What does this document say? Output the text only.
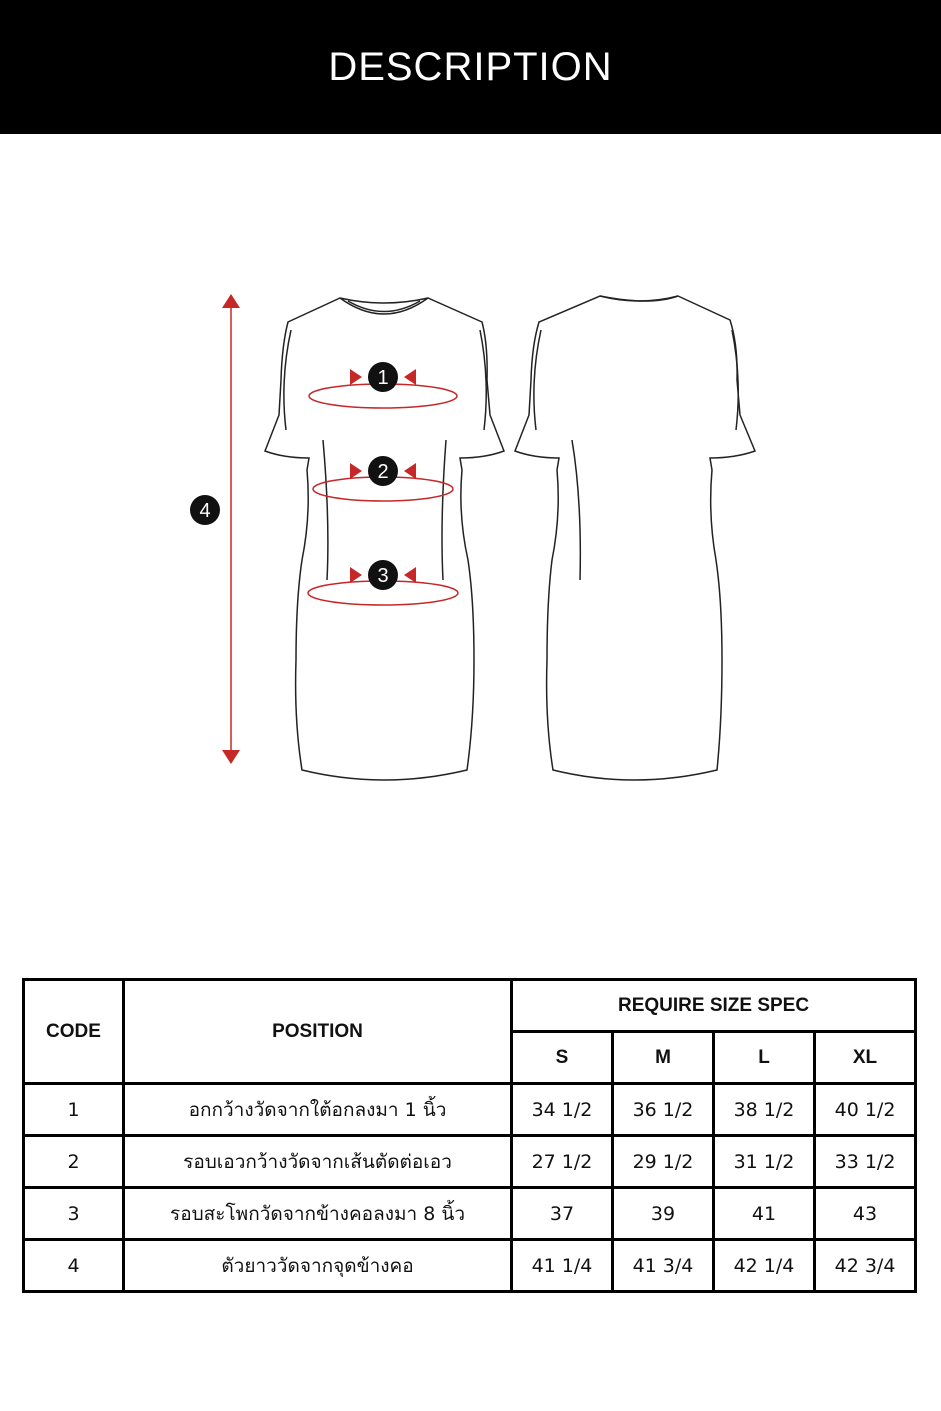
DESCRIPTION
1
2
3
4
CODE	POSITION	REQUIRE SIZE SPEC			
		S	M	L	XL
1	อกกว้างวัดจากใต้อกลงมา 1 นิ้ว	34 1/2	36 1/2	38 1/2	40 1/2
2	รอบเอวกว้างวัดจากเส้นตัดต่อเอว	27 1/2	29 1/2	31 1/2	33 1/2
3	รอบสะโพกวัดจากข้างคอลงมา 8 นิ้ว	37	39	41	43
4	ตัวยาววัดจากจุดข้างคอ	41 1/4	41 3/4	42 1/4	42 3/4
